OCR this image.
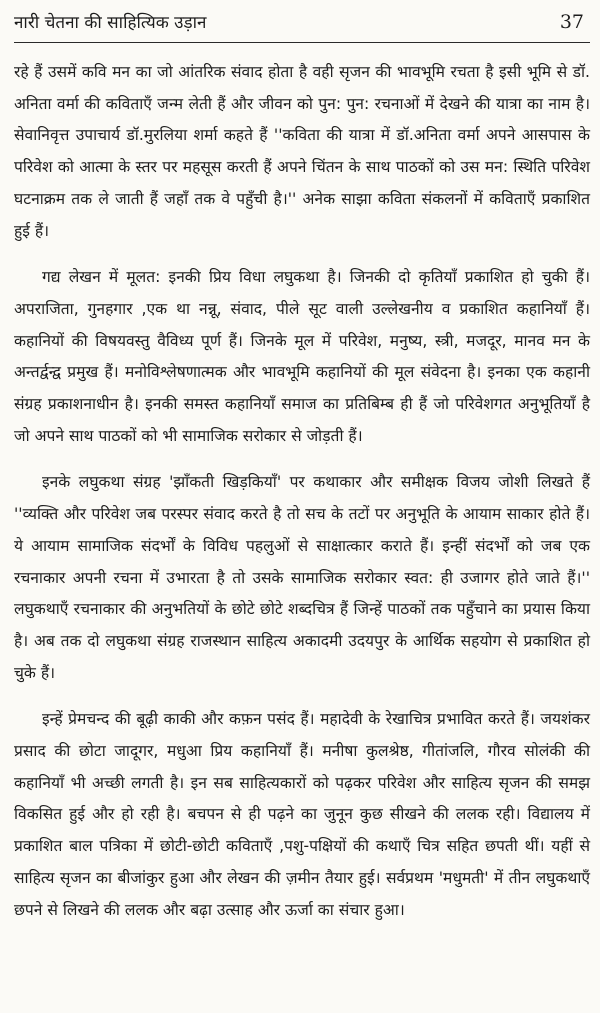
नारी चेतना की साहित्यिक उड़ान	37

रहे हैं उसमें कवि मन का जो आंतरिक संवाद होता है वही सृजन की भावभूमि रचता है इसी भूमि से डॉ. अनिता वर्मा की कविताएँ जन्म लेती हैं और जीवन को पुन: पुन: रचनाओं में देखने की यात्रा का नाम है। सेवानिवृत्त उपाचार्य डॉ.मुरलिया शर्मा कहते हैं ''कविता की यात्रा में डॉ.अनिता वर्मा अपने आसपास के परिवेश को आत्मा के स्तर पर महसूस करती हैं अपने चिंतन के साथ पाठकों को उस मन: स्थिति परिवेश घटनाक्रम तक ले जाती हैं जहाँ तक वे पहुँची है।'' अनेक साझा कविता संकलनों में कविताएँ प्रकाशित हुई हैं।

गद्य लेखन में मूलत: इनकी प्रिय विधा लघुकथा है। जिनकी दो कृतियाँ प्रकाशित हो चुकी हैं। अपराजिता, गुनहगार ,एक था नन्नू, संवाद, पीले सूट वाली उल्लेखनीय व प्रकाशित कहानियाँ हैं। कहानियों की विषयवस्तु वैविध्य पूर्ण हैं। जिनके मूल में परिवेश, मनुष्य, स्त्री, मजदूर, मानव मन के अन्तर्द्वन्द्व प्रमुख हैं। मनोविश्लेषणात्मक और भावभूमि कहानियों की मूल संवेदना है। इनका एक कहानी संग्रह प्रकाशनाधीन है। इनकी समस्त कहानियाँ समाज का प्रतिबिम्ब ही हैं जो परिवेशगत अनुभूतियाँ है जो अपने साथ पाठकों को भी सामाजिक सरोकार से जोड़ती हैं।

इनके लघुकथा संग्रह 'झाँकती खिड़कियाँ' पर कथाकार और समीक्षक विजय जोशी लिखते हैं ''व्यक्ति और परिवेश जब परस्पर संवाद करते है तो सच के तटों पर अनुभूति के आयाम साकार होते हैं। ये आयाम सामाजिक संदर्भों के विविध पहलुओं से साक्षात्कार कराते हैं। इन्हीं संदर्भों को जब एक रचनाकार अपनी रचना में उभारता है तो उसके सामाजिक सरोकार स्वत: ही उजागर होते जाते हैं।'' लघुकथाएँ रचनाकार की अनुभतियों के छोटे छोटे शब्दचित्र हैं जिन्हें पाठकों तक पहुँचाने का प्रयास किया है। अब तक दो लघुकथा संग्रह राजस्थान साहित्य अकादमी उदयपुर के आर्थिक सहयोग से प्रकाशित हो चुके हैं।

इन्हें प्रेमचन्द की बूढ़ी काकी और कफ़न पसंद हैं। महादेवी के रेखाचित्र प्रभावित करते हैं। जयशंकर प्रसाद की छोटा जादूगर, मधुआ प्रिय कहानियाँ हैं। मनीषा कुलश्रेष्ठ, गीतांजलि, गौरव सोलंकी की कहानियाँ भी अच्छी लगती है। इन सब साहित्यकारों को पढ़कर परिवेश और साहित्य सृजन की समझ विकसित हुई और हो रही है। बचपन से ही पढ़ने का जुनून कुछ सीखने की ललक रही। विद्यालय में प्रकाशित बाल पत्रिका में छोटी-छोटी कविताएँ ,पशु-पक्षियों की कथाएँ चित्र सहित छपती थीं। यहीं से साहित्य सृजन का बीजांकुर हुआ और लेखन की ज़मीन तैयार हुई। सर्वप्रथम 'मधुमती' में तीन लघुकथाएँ छपने से लिखने की ललक और बढ़ा उत्साह और ऊर्जा का संचार हुआ।
